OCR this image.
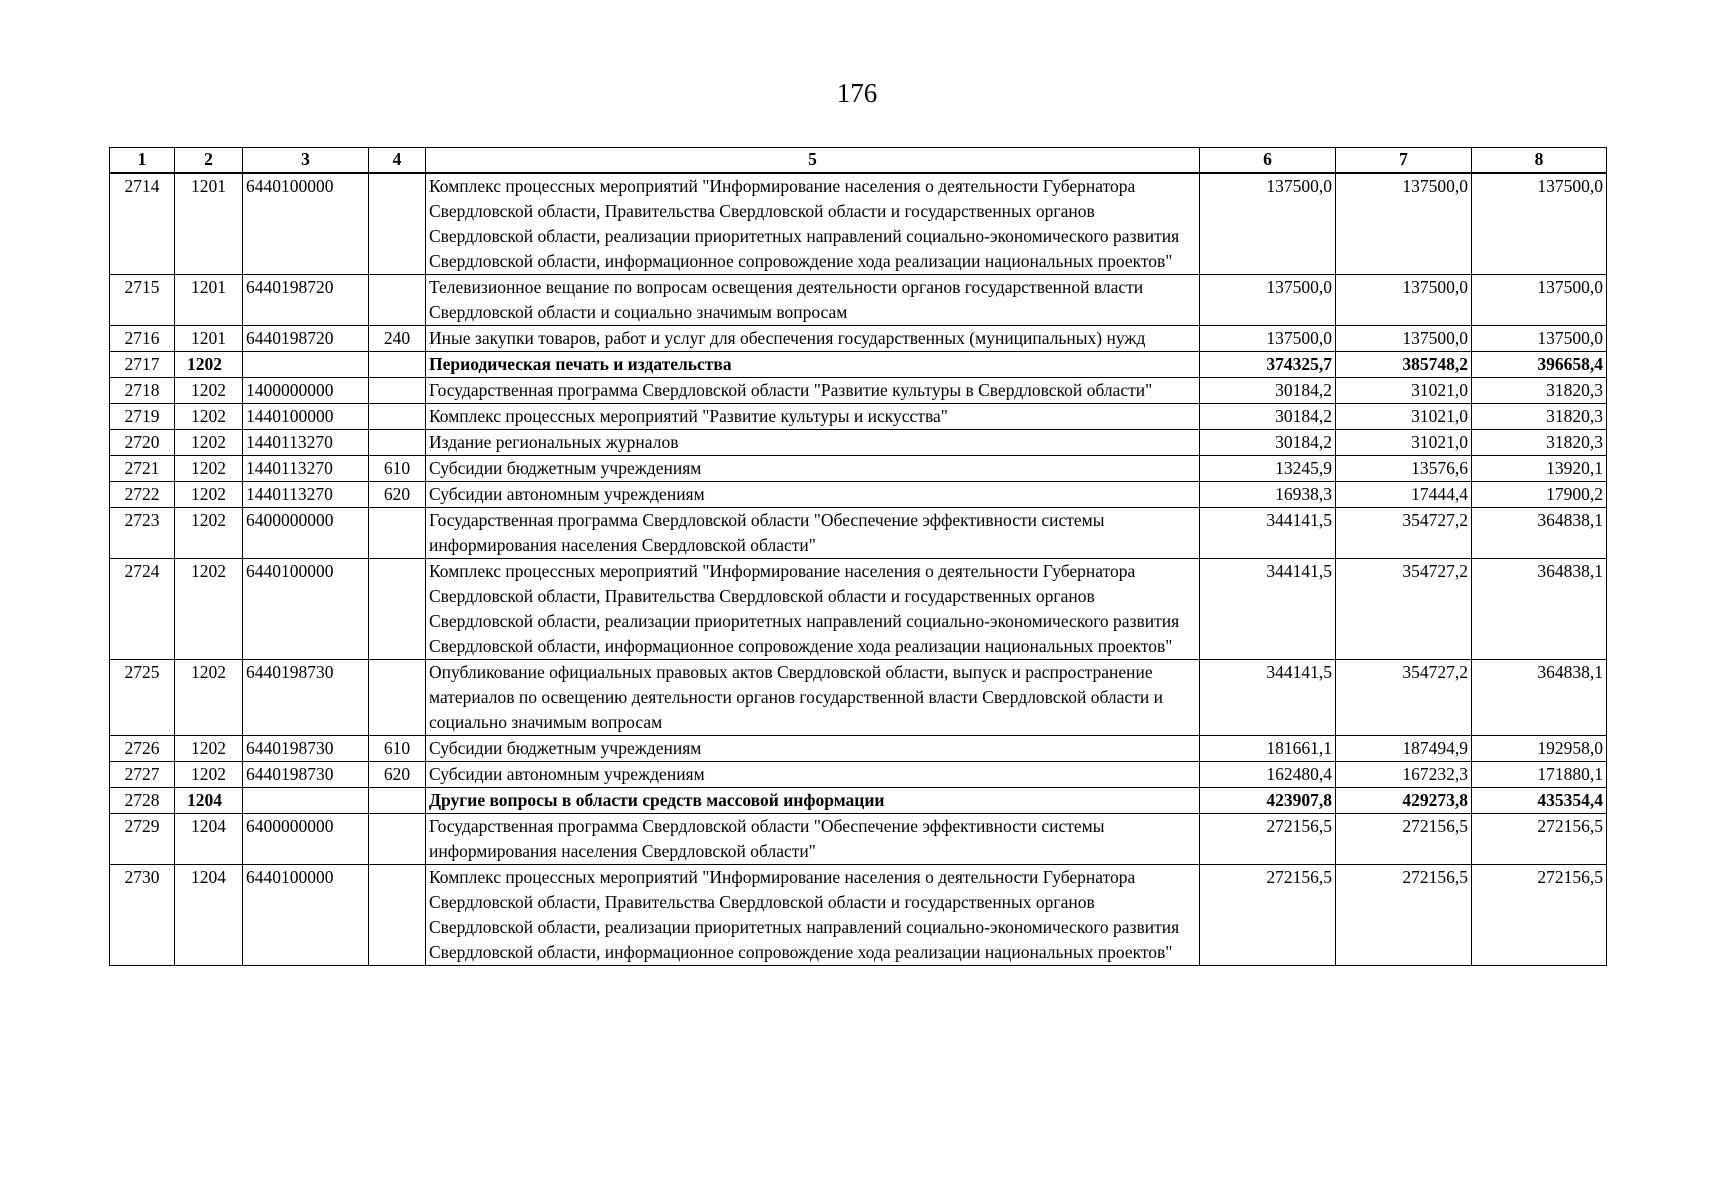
176
1	2	3	4	5	6	7	8
2714	1201	6440100000		Комплекс процессных мероприятий "Информирование населения о деятельности Губернатора Свердловской области, Правительства Свердловской области и государственных органов Свердловской области, реализации приоритетных направлений социально-экономического развития Свердловской области, информационное сопровождение хода реализации национальных проектов"	137500,0	137500,0	137500,0
2715	1201	6440198720		Телевизионное вещание по вопросам освещения деятельности органов государственной власти Свердловской области и социально значимым вопросам	137500,0	137500,0	137500,0
2716	1201	6440198720	240	Иные закупки товаров, работ и услуг для обеспечения государственных (муниципальных) нужд	137500,0	137500,0	137500,0
2717	1202			Периодическая печать и издательства	374325,7	385748,2	396658,4
2718	1202	1400000000		Государственная программа Свердловской области "Развитие культуры в Свердловской области"	30184,2	31021,0	31820,3
2719	1202	1440100000		Комплекс процессных мероприятий "Развитие культуры и искусства"	30184,2	31021,0	31820,3
2720	1202	1440113270		Издание региональных журналов	30184,2	31021,0	31820,3
2721	1202	1440113270	610	Субсидии бюджетным учреждениям	13245,9	13576,6	13920,1
2722	1202	1440113270	620	Субсидии автономным учреждениям	16938,3	17444,4	17900,2
2723	1202	6400000000		Государственная программа Свердловской области "Обеспечение эффективности системы информирования населения Свердловской области"	344141,5	354727,2	364838,1
2724	1202	6440100000		Комплекс процессных мероприятий "Информирование населения о деятельности Губернатора Свердловской области, Правительства Свердловской области и государственных органов Свердловской области, реализации приоритетных направлений социально-экономического развития Свердловской области, информационное сопровождение хода реализации национальных проектов"	344141,5	354727,2	364838,1
2725	1202	6440198730		Опубликование официальных правовых актов Свердловской области, выпуск и распространение материалов по освещению деятельности органов государственной власти Свердловской области и социально значимым вопросам	344141,5	354727,2	364838,1
2726	1202	6440198730	610	Субсидии бюджетным учреждениям	181661,1	187494,9	192958,0
2727	1202	6440198730	620	Субсидии автономным учреждениям	162480,4	167232,3	171880,1
2728	1204			Другие вопросы в области средств массовой информации	423907,8	429273,8	435354,4
2729	1204	6400000000		Государственная программа Свердловской области "Обеспечение эффективности системы информирования населения Свердловской области"	272156,5	272156,5	272156,5
2730	1204	6440100000		Комплекс процессных мероприятий "Информирование населения о деятельности Губернатора Свердловской области, Правительства Свердловской области и государственных органов Свердловской области, реализации приоритетных направлений социально-экономического развития Свердловской области, информационное сопровождение хода реализации национальных проектов"	272156,5	272156,5	272156,5
